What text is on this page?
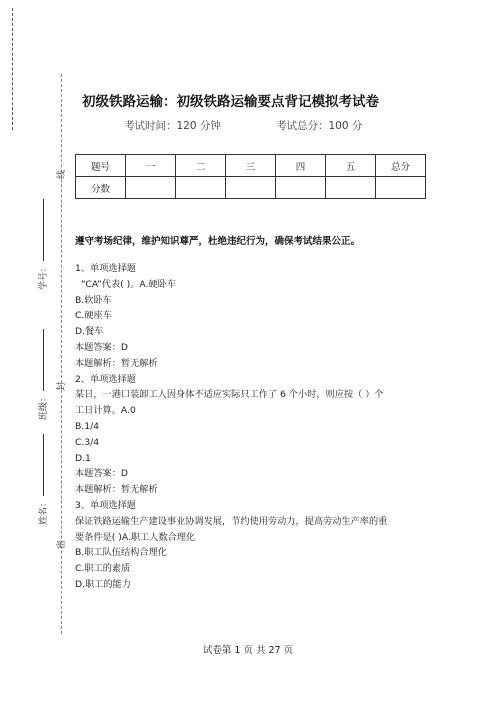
线
封
密
学号：
班级：
姓名：
初级铁路运输：初级铁路运输要点背记模拟考试卷
考试时间：120 分钟	考试总分：100 分
题号	一	二	三	四	五	总分
分数						
遵守考场纪律，维护知识尊严，杜绝违纪行为，确保考试结果公正。
1、单项选择题
“CA”代表( )。A.硬卧车
B.软卧车
C.硬座车
D.餐车
本题答案：D
本题解析：暂无解析
2、单项选择题
某日，一港口装卸工人因身体不适应实际只工作了 6 个小时，则应按（ ）个
工日计算。A.0
B.1/4
C.3/4
D.1
本题答案：D
本题解析：暂无解析
3、单项选择题
保证铁路运输生产建设事业协调发展，节约使用劳动力，提高劳动生产率的重
要条件是( )A.职工人数合理化
B.职工队伍结构合理化
C.职工的素质
D.职工的能力
试卷第 1 页 共 27 页
